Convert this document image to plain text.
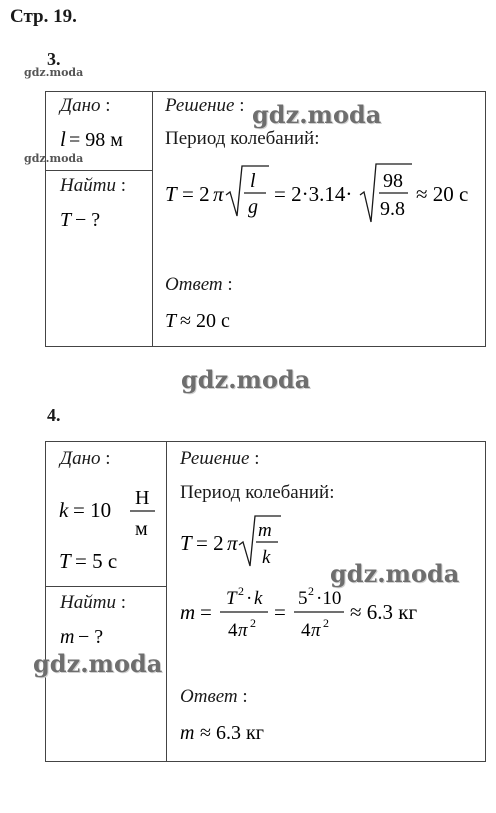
Стр. 19.
3.
gdz.moda
Дано :
l = 98 м
gdz.moda
Найти :
T − ?
Решение : gdz.moda
Период колебаний:
T = 2 π
l
g
= 2·3.14·
98
9.8
≈ 20 с
Ответ :
T ≈ 20 с
gdz.moda
4.
Дано :
k = 10 Н
м
T = 5 с
Найти :
m − ?
gdz.moda
Решение :
Период колебаний:
T = 2 π
m
k
gdz.moda
m =
T 2 · k
4 π 2 =
5 2 ·10
4 π 2 ≈ 6.3 кг
Ответ :
m ≈ 6.3 кг
